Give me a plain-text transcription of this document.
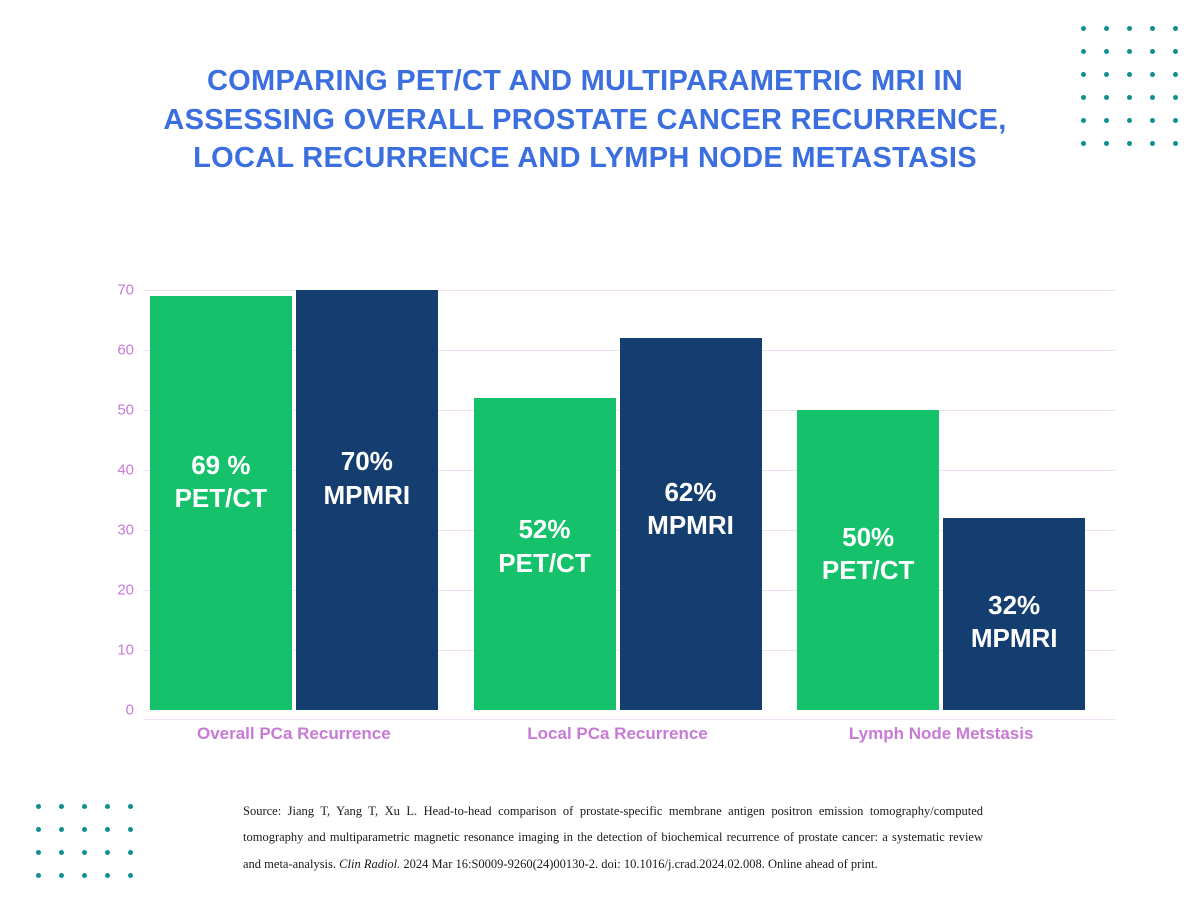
COMPARING PET/CT AND MULTIPARAMETRIC MRI IN
ASSESSING OVERALL PROSTATE CANCER RECURRENCE,
LOCAL RECURRENCE AND LYMPH NODE METASTASIS
0
10
20
30
40
50
60
70
69 %
PET/CT
70%
MPMRI
Overall PCa Recurrence
52%
PET/CT
62%
MPMRI
Local PCa Recurrence
50%
PET/CT
32%
MPMRI
Lymph Node Metstasis
Source: Jiang T, Yang T, Xu L. Head-to-head comparison of prostate-specific membrane antigen positron emission tomography/computed tomography and multiparametric magnetic resonance imaging in the detection of biochemical recurrence of prostate cancer: a systematic review and meta-analysis. Clin Radiol. 2024 Mar 16:S0009-9260(24)00130-2. doi: 10.1016/j.crad.2024.02.008. Online ahead of print.
